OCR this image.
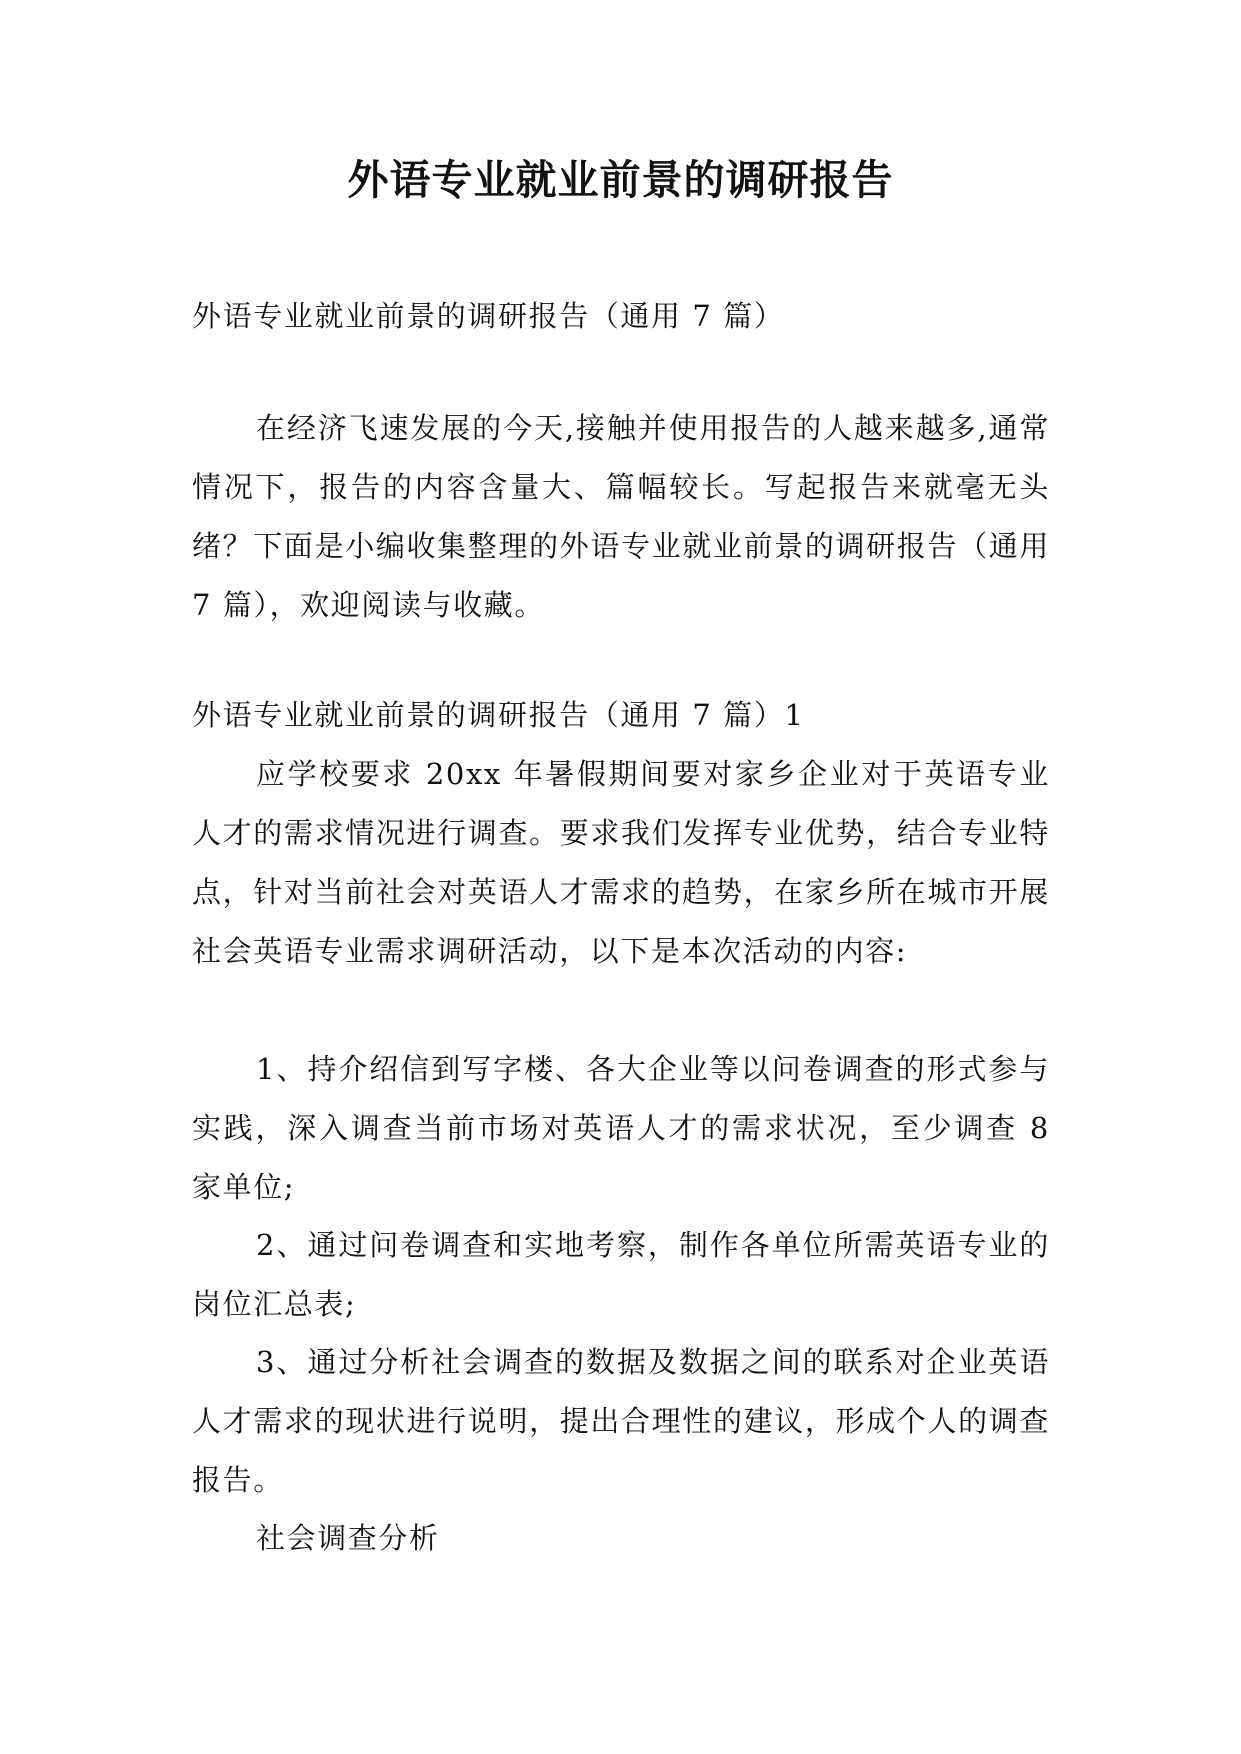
外语专业就业前景的调研报告

外语专业就业前景的调研报告（通用 7 篇）

在经济飞速发展的今天,接触并使用报告的人越来越多,通常情况下，报告的内容含量大、篇幅较长。写起报告来就毫无头绪？下面是小编收集整理的外语专业就业前景的调研报告（通用 7 篇），欢迎阅读与收藏。

外语专业就业前景的调研报告（通用 7 篇）1

应学校要求 20xx 年暑假期间要对家乡企业对于英语专业人才的需求情况进行调查。要求我们发挥专业优势，结合专业特点，针对当前社会对英语人才需求的趋势，在家乡所在城市开展社会英语专业需求调研活动，以下是本次活动的内容:

1、持介绍信到写字楼、各大企业等以问卷调查的形式参与实践，深入调查当前市场对英语人才的需求状况，至少调查 8 家单位;

2、通过问卷调查和实地考察，制作各单位所需英语专业的岗位汇总表;

3、通过分析社会调查的数据及数据之间的联系对企业英语人才需求的现状进行说明，提出合理性的建议，形成个人的调查报告。

社会调查分析
